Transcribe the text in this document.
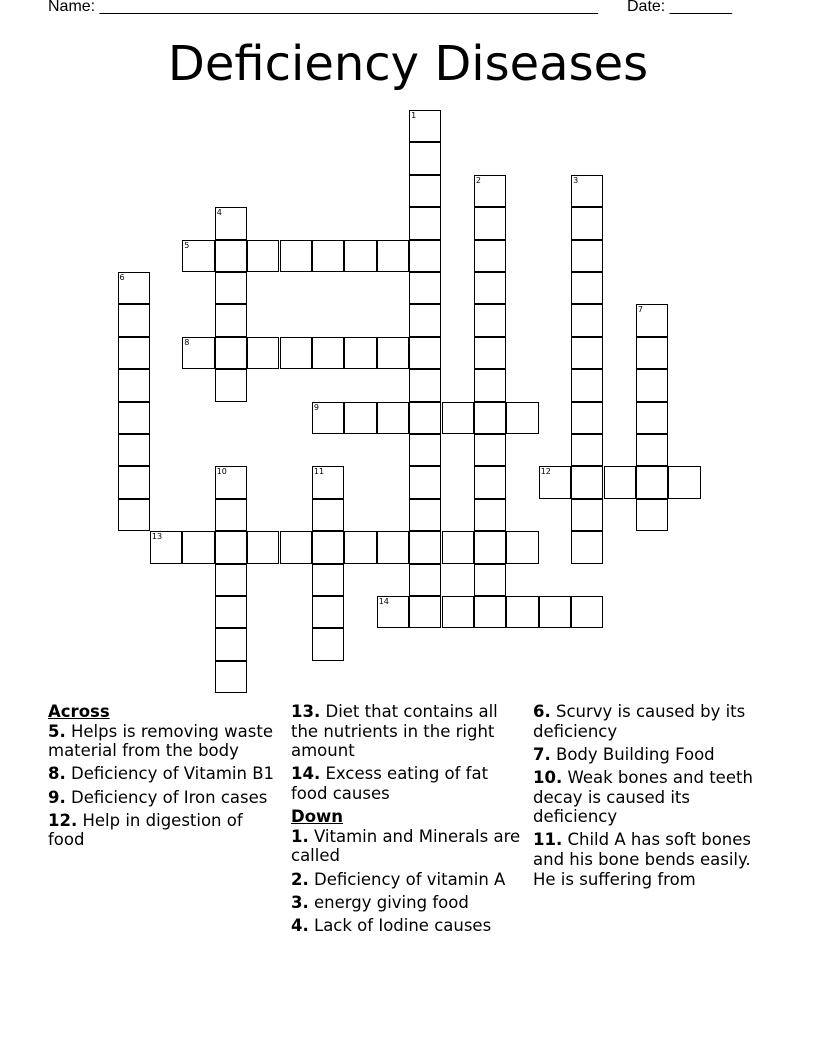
Name: ________________________________________________________ Date: _______
Deficiency Diseases
1
2	3
4
5
6
7
8
9
10	11	12
13
14
Across
5. Helps is removing waste material from the body
8. Deficiency of Vitamin B1
9. Deficiency of Iron cases
12. Help in digestion of food
13. Diet that contains all the nutrients in the right amount
14. Excess eating of fat food causes
Down
1. Vitamin and Minerals are called
2. Deficiency of vitamin A
3. energy giving food
4. Lack of Iodine causes
6. Scurvy is caused by its deficiency
7. Body Building Food
10. Weak bones and teeth decay is caused its deficiency
11. Child A has soft bones and his bone bends easily. He is suffering from
